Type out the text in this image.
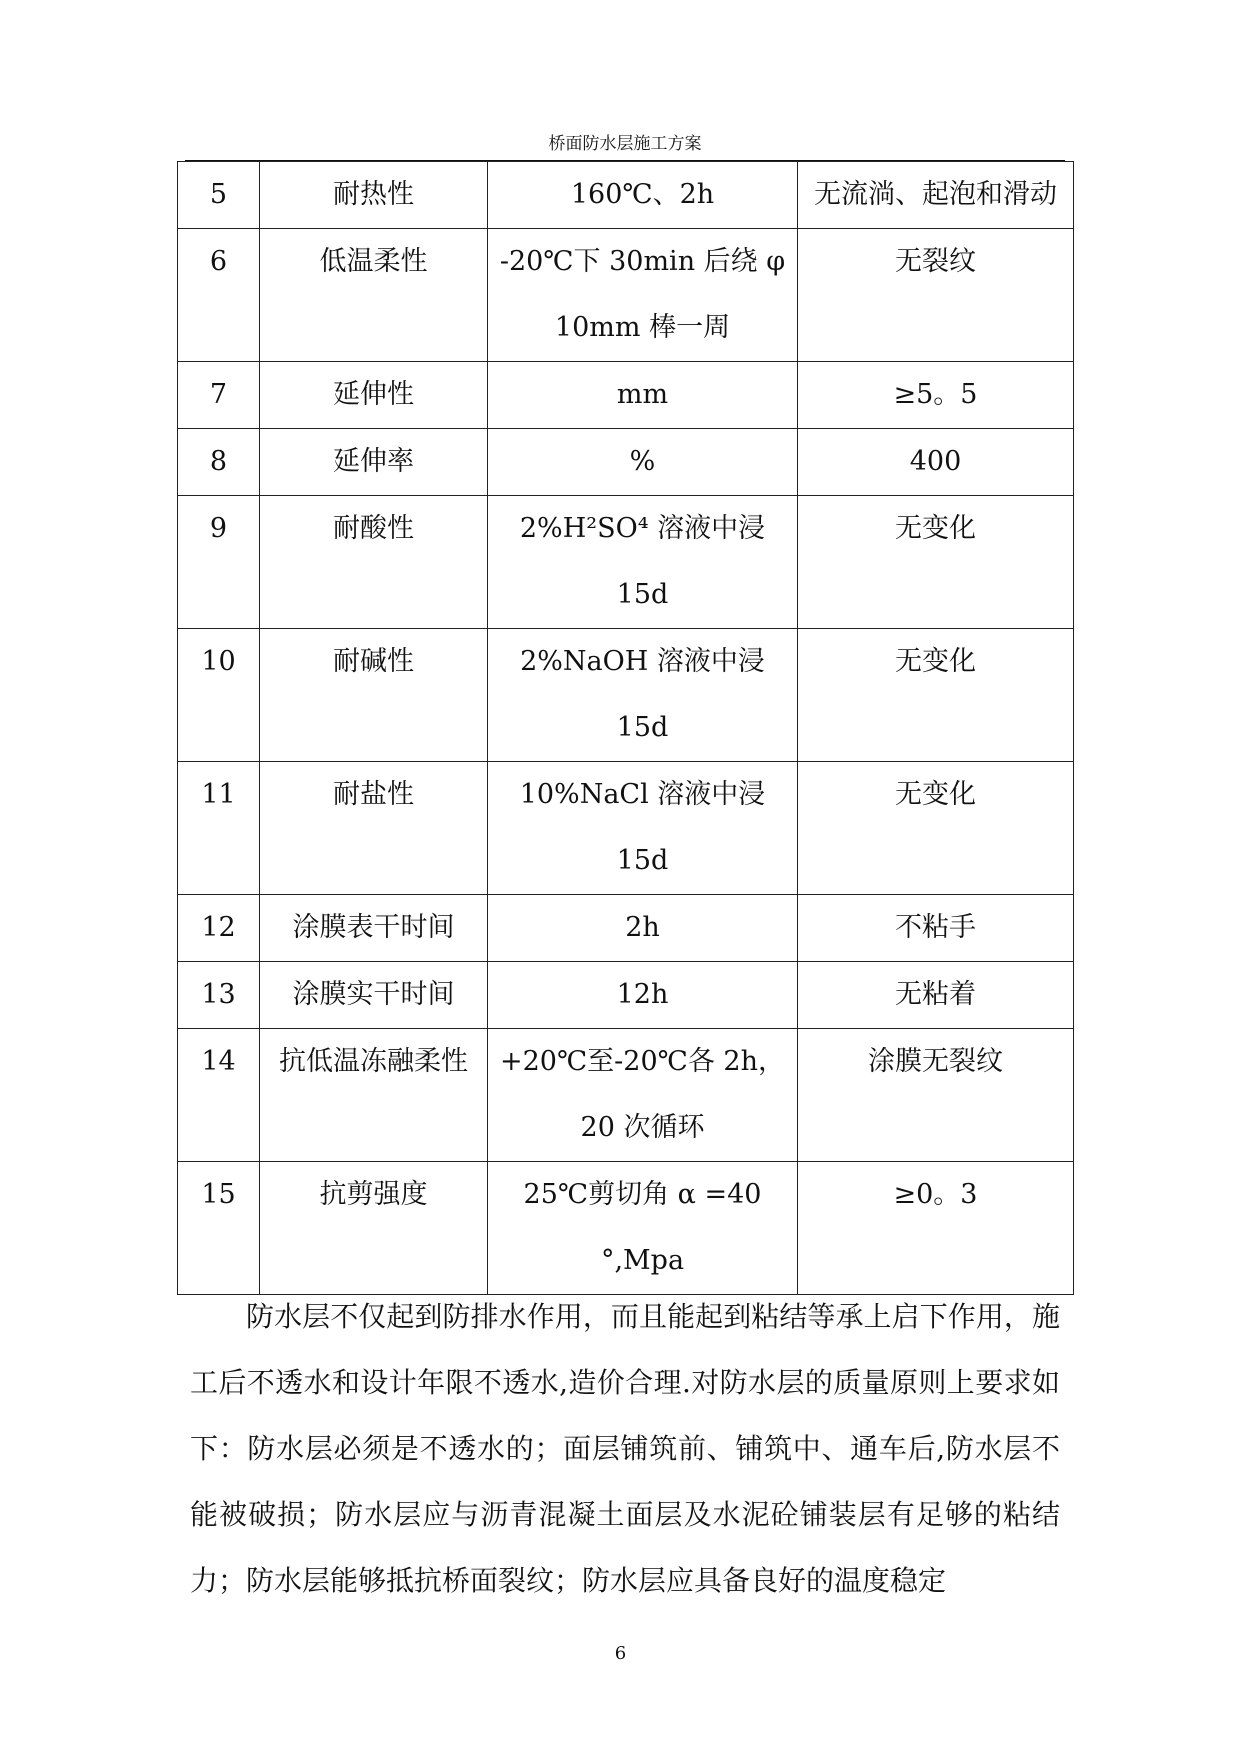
桥面防水层施工方案
5	耐热性	160℃、2h	无流淌、起泡和滑动
6	低温柔性	-20℃下 30min 后绕 φ 10mm 棒一周	无裂纹
7	延伸性	mm	≥5。5
8	延伸率	%	400
9	耐酸性	2%H²SO⁴ 溶液中浸 15d	无变化
10	耐碱性	2%NaOH 溶液中浸 15d	无变化
11	耐盐性	10%NaCl 溶液中浸 15d	无变化
12	涂膜表干时间	2h	不粘手
13	涂膜实干时间	12h	无粘着
14	抗低温冻融柔性	+20℃至-20℃各 2h，20 次循环	涂膜无裂纹
15	抗剪强度	25℃剪切角 α =40 °,Mpa	≥0。3

防水层不仅起到防排水作用，而且能起到粘结等承上启下作用，施工后不透水和设计年限不透水,造价合理.对防水层的质量原则上要求如下：防水层必须是不透水的；面层铺筑前、铺筑中、通车后,防水层不能被破损；防水层应与沥青混凝土面层及水泥砼铺装层有足够的粘结力；防水层能够抵抗桥面裂纹；防水层应具备良好的温度稳定

6
